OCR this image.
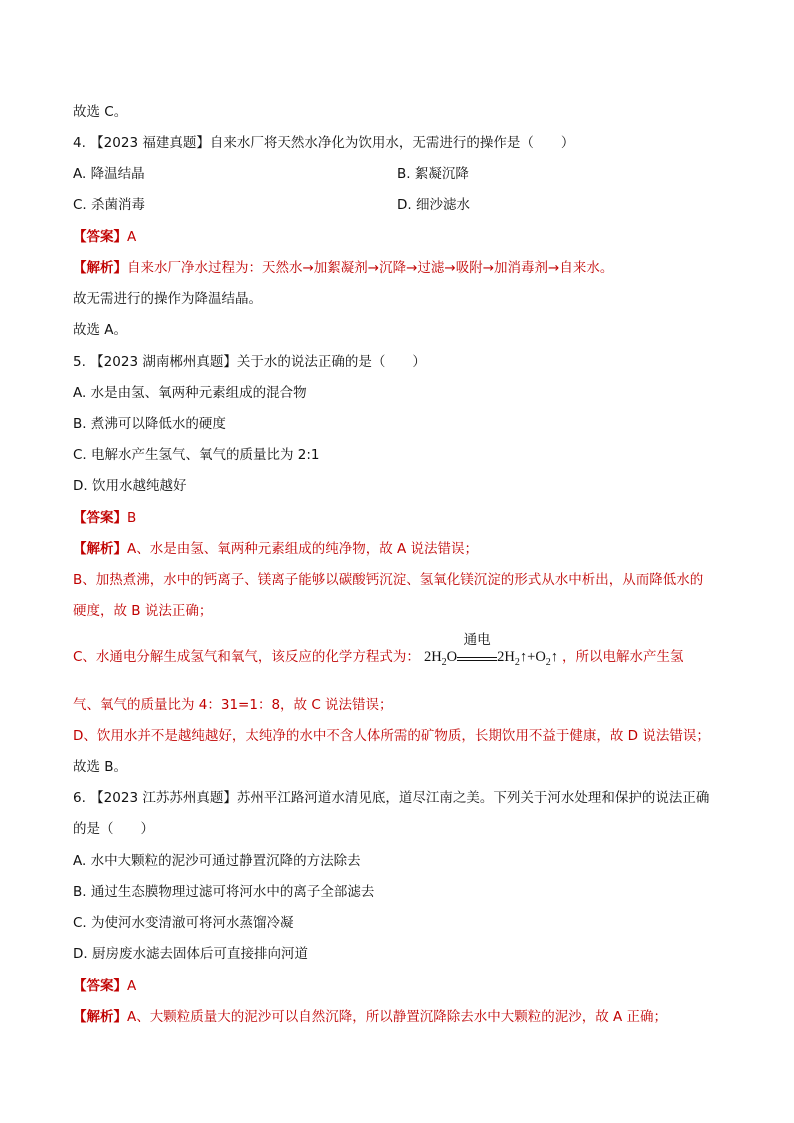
故选 C。
4. 【2023 福建真题】自来水厂将天然水净化为饮用水，无需进行的操作是（　　）
A. 降温结晶	B. 絮凝沉降
C. 杀菌消毒	D. 细沙滤水
【答案】A
【解析】自来水厂净水过程为：天然水→加絮凝剂→沉降→过滤→吸附→加消毒剂→自来水。
故无需进行的操作为降温结晶。
故选 A。
5. 【2023 湖南郴州真题】关于水的说法正确的是（　　）
A. 水是由氢、氧两种元素组成的混合物
B. 煮沸可以降低水的硬度
C. 电解水产生氢气、氧气的质量比为 2:1
D. 饮用水越纯越好
【答案】B
【解析】A、水是由氢、氧两种元素组成的纯净物，故 A 说法错误；
B、加热煮沸，水中的钙离子、镁离子能够以碳酸钙沉淀、氢氧化镁沉淀的形式从水中析出，从而降低水的
硬度，故 B 说法正确；
C、水通电分解生成氢气和氧气，该反应的化学方程式为： $2H_2O$
通电
$2H_2↑+O_2↑$ ，所以电解水产生氢
气、氧气的质量比为 4：31=1：8，故 C 说法错误；
D、饮用水并不是越纯越好，太纯净的水中不含人体所需的矿物质，长期饮用不益于健康，故 D 说法错误；
故选 B。
6. 【2023 江苏苏州真题】苏州平江路河道水清见底，道尽江南之美。下列关于河水处理和保护的说法正确
的是（　　）
A. 水中大颗粒的泥沙可通过静置沉降的方法除去
B. 通过生态膜物理过滤可将河水中的离子全部滤去
C. 为使河水变清澈可将河水蒸馏冷凝
D. 厨房废水滤去固体后可直接排向河道
【答案】A
【解析】A、大颗粒质量大的泥沙可以自然沉降，所以静置沉降除去水中大颗粒的泥沙，故 A 正确；
